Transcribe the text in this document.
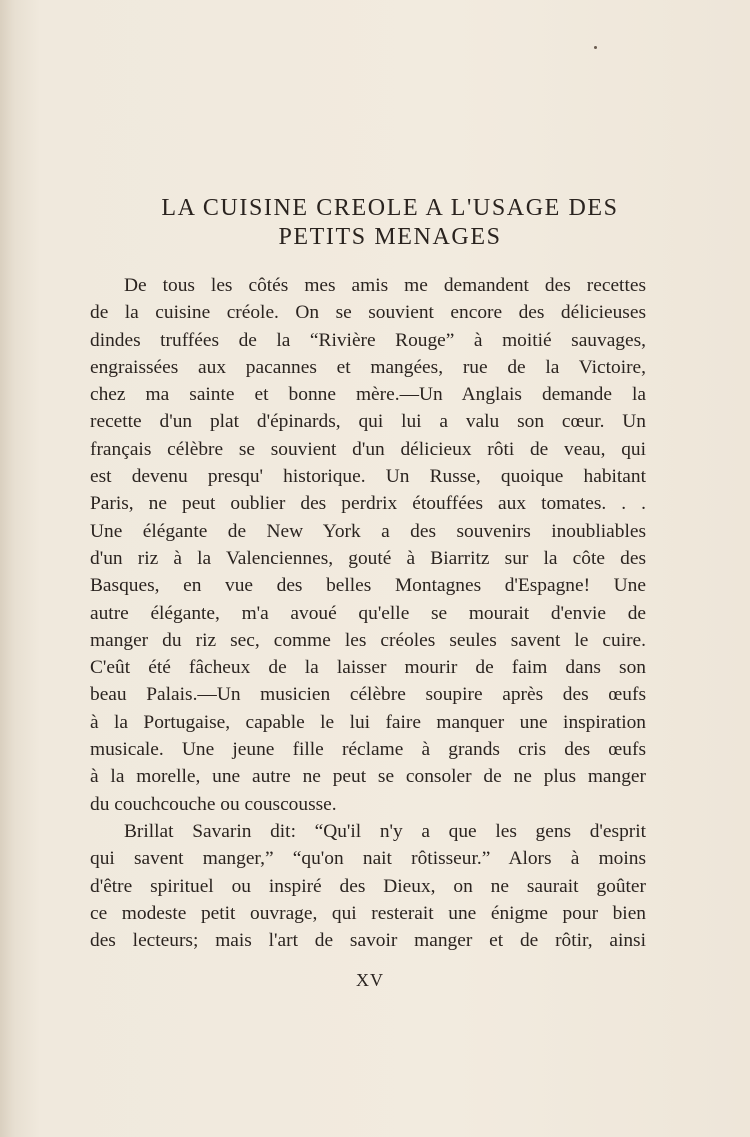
LA CUISINE CREOLE A L'USAGE DES
PETITS MENAGES
De tous les côtés mes amis me demandent des recettes
de la cuisine créole. On se souvient encore des délicieuses
dindes truffées de la “Rivière Rouge” à moitié sauvages,
engraissées aux pacannes et mangées, rue de la Victoire,
chez ma sainte et bonne mère.—Un Anglais demande la
recette d'un plat d'épinards, qui lui a valu son cœur. Un
français célèbre se souvient d'un délicieux rôti de veau, qui
est devenu presqu' historique. Un Russe, quoique habitant
Paris, ne peut oublier des perdrix étouffées aux tomates. . .
Une élégante de New York a des souvenirs inoubliables
d'un riz à la Valenciennes, gouté à Biarritz sur la côte des
Basques, en vue des belles Montagnes d'Espagne! Une
autre élégante, m'a avoué qu'elle se mourait d'envie de
manger du riz sec, comme les créoles seules savent le cuire.
C'eût été fâcheux de la laisser mourir de faim dans son
beau Palais.—Un musicien célèbre soupire après des œufs
à la Portugaise, capable le lui faire manquer une inspiration
musicale. Une jeune fille réclame à grands cris des œufs
à la morelle, une autre ne peut se consoler de ne plus manger
du couchcouche ou couscousse.
Brillat Savarin dit: “Qu'il n'y a que les gens d'esprit
qui savent manger,” “qu'on nait rôtisseur.” Alors à moins
d'être spirituel ou inspiré des Dieux, on ne saurait goûter
ce modeste petit ouvrage, qui resterait une énigme pour bien
des lecteurs; mais l'art de savoir manger et de rôtir, ainsi
XV
